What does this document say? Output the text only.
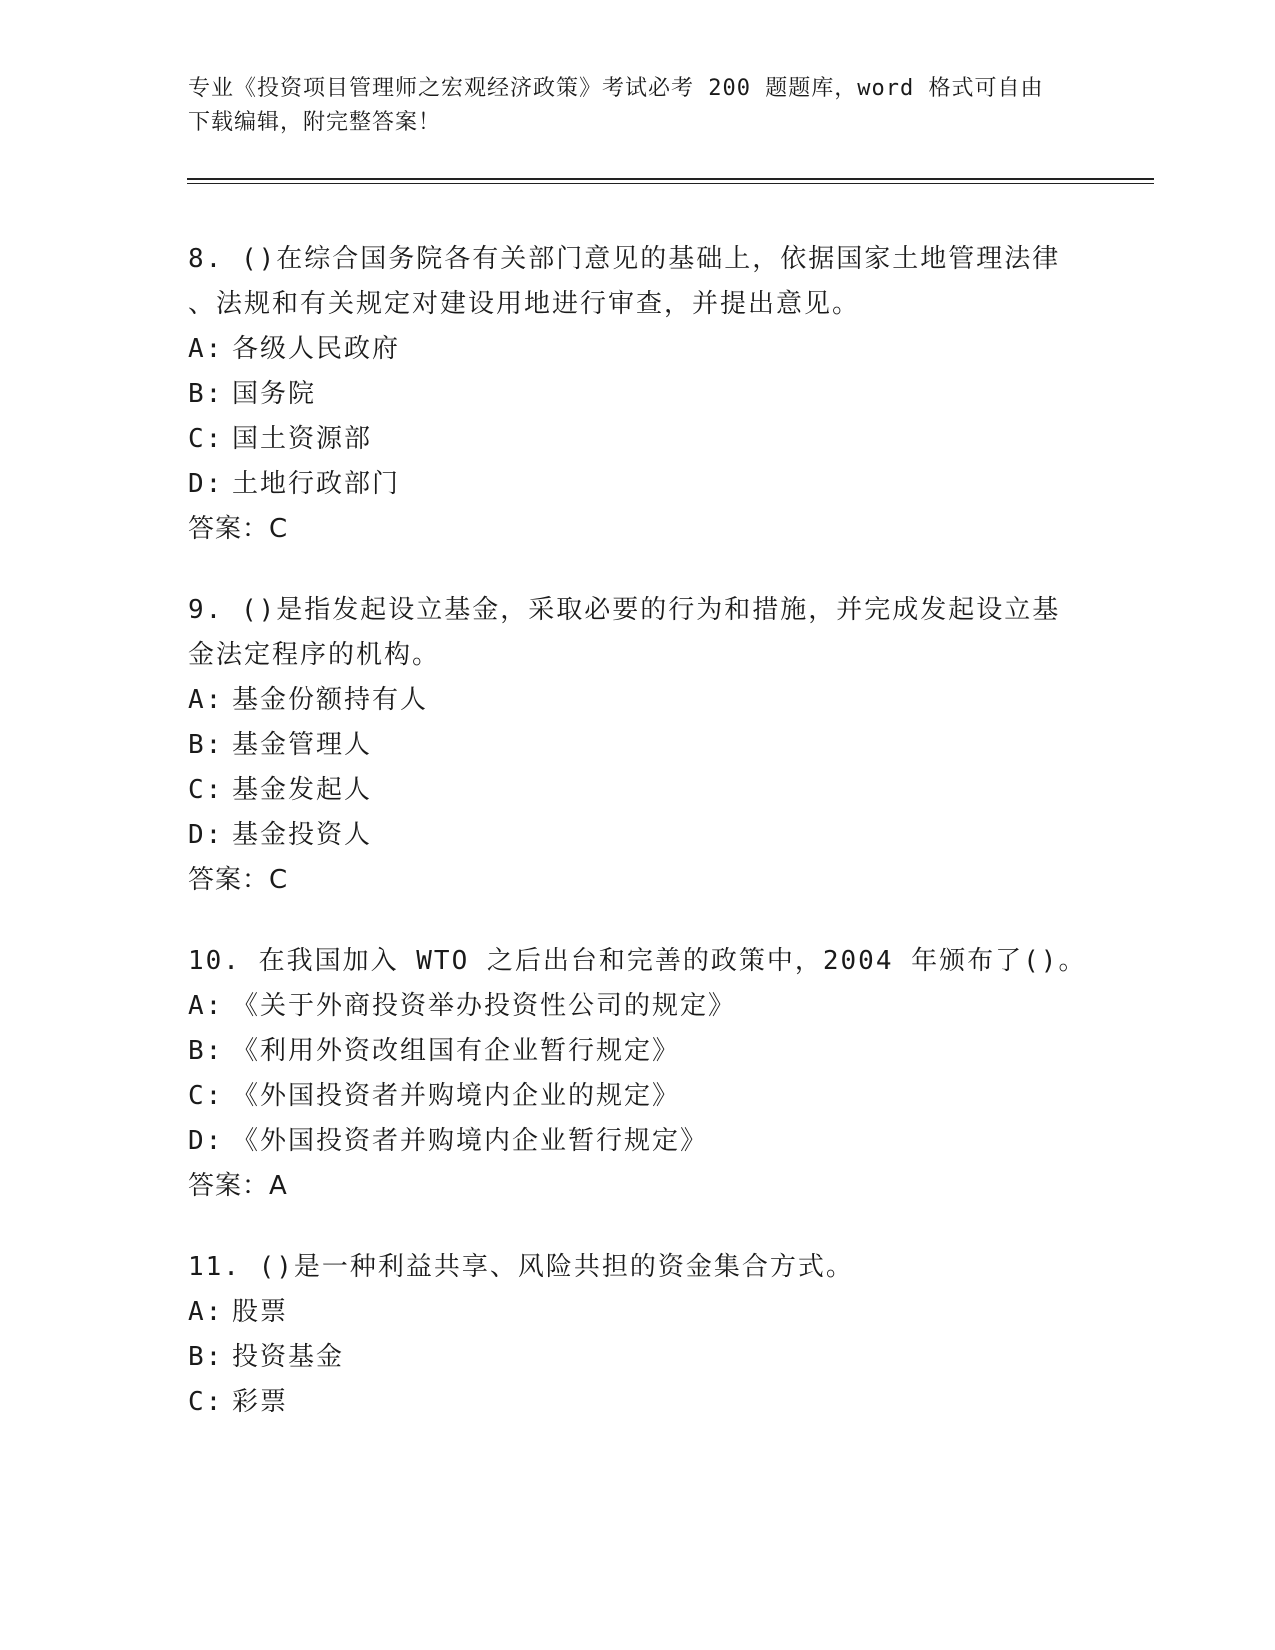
专业《投资项目管理师之宏观经济政策》考试必考 200 题题库，word 格式可自由
下载编辑，附完整答案！
8. ()在综合国务院各有关部门意见的基础上，依据国家土地管理法律
、法规和有关规定对建设用地进行审查，并提出意见。
A: 各级人民政府
B: 国务院
C: 国土资源部
D: 土地行政部门
答案：C
9. ()是指发起设立基金，采取必要的行为和措施，并完成发起设立基
金法定程序的机构。
A: 基金份额持有人
B: 基金管理人
C: 基金发起人
D: 基金投资人
答案：C
10. 在我国加入 WTO 之后出台和完善的政策中，2004 年颁布了()。
A: 《关于外商投资举办投资性公司的规定》
B: 《利用外资改组国有企业暂行规定》
C: 《外国投资者并购境内企业的规定》
D: 《外国投资者并购境内企业暂行规定》
答案：A
11. ()是一种利益共享、风险共担的资金集合方式。
A: 股票
B: 投资基金
C: 彩票
